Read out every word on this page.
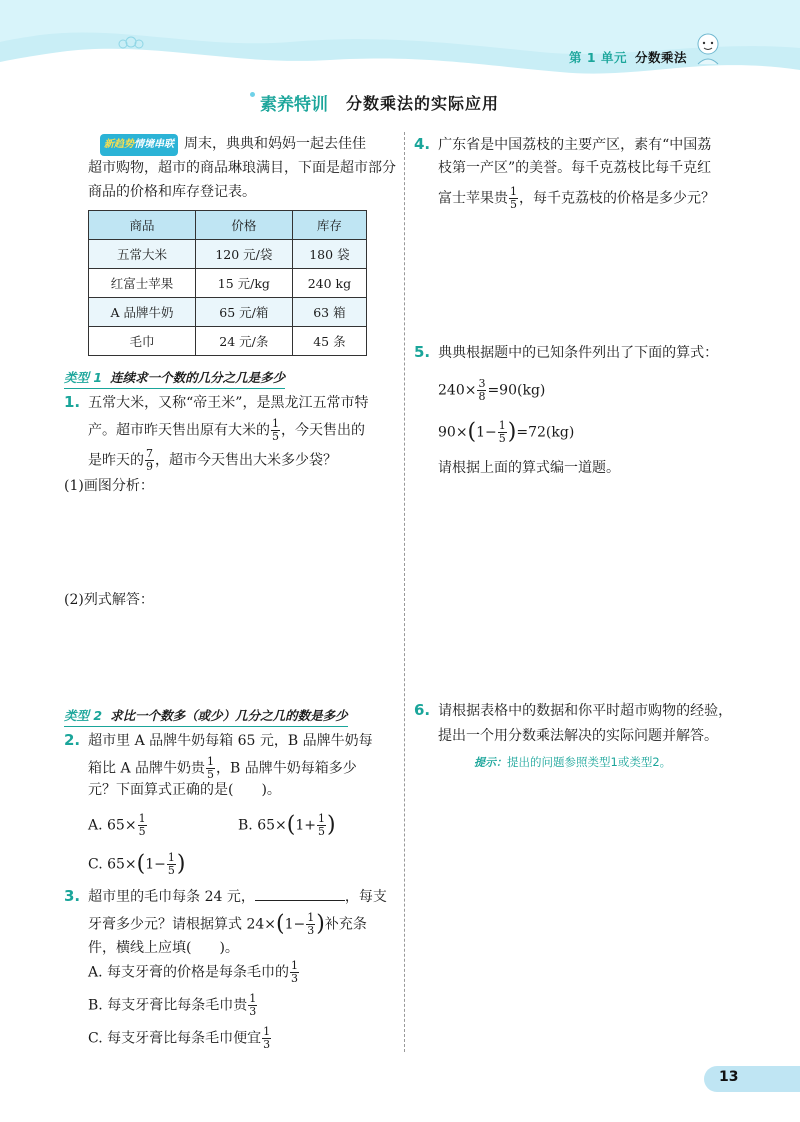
第 1 单元 分数乘法
素养特训	分数乘法的实际应用
新趋势情境串联 周末，典典和妈妈一起去佳佳
超市购物，超市的商品琳琅满目，下面是超市部分
商品的价格和库存登记表。
商品	价格	库存
五常大米	120 元/袋	180 袋
红富士苹果	15 元/kg	240 kg
A 品牌牛奶	65 元/箱	63 箱
毛巾	24 元/条	45 条
类型 1 连续求一个数的几分之几是多少
1. 五常大米，又称“帝王米”，是黑龙江五常市特
产。超市昨天售出原有大米的 $\frac{1}{5}$ ，今天售出的
是昨天的 $\frac{7}{9}$ ，超市今天售出大米多少袋？
(1)画图分析：
(2)列式解答：
类型 2 求比一个数多（或少）几分之几的数是多少
2. 超市里 A 品牌牛奶每箱 65 元，B 品牌牛奶每
箱比 A 品牌牛奶贵 $\frac{1}{5}$ ，B 品牌牛奶每箱多少
元？下面算式正确的是(　　)。
A. $65\times \frac{1}{5}$	B. $65\times(1+ \frac{1}{5}$ )
C. $65\times(1- \frac{1}{5}$ )
3. 超市里的毛巾每条 24 元，	，每支
牙膏多少元？请根据算式 $24\times(1- \frac{1}{3}$ )补充条
件，横线上应填(　　)。
A. 每支牙膏的价格是每条毛巾的 $\frac{1}{3}$
B. 每支牙膏比每条毛巾贵 $\frac{1}{3}$
C. 每支牙膏比每条毛巾便宜 $\frac{1}{3}$
4. 广东省是中国荔枝的主要产区，素有“中国荔
枝第一产区”的美誉。每千克荔枝比每千克红
富士苹果贵 $\frac{1}{5}$ ，每千克荔枝的价格是多少元？
5. 典典根据题中的已知条件列出了下面的算式：
$240\times \frac{3}{8} =90(kg)$
$90\times(1- \frac{1}{5} )=72(kg)$
请根据上面的算式编一道题。
6. 请根据表格中的数据和你平时超市购物的经验，
提出一个用分数乘法解决的实际问题并解答。
提示：提出的问题参照类型1或类型2。
13
